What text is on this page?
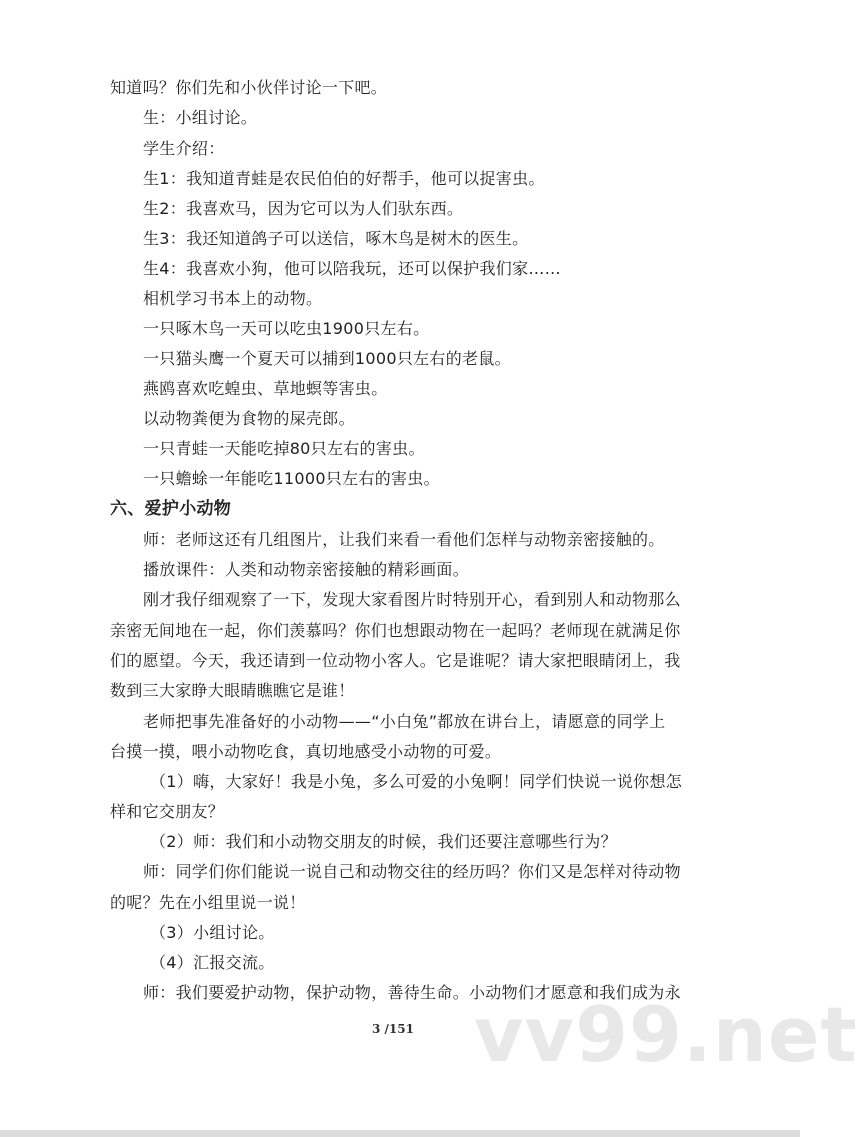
知道吗？你们先和小伙伴讨论一下吧。
生：小组讨论。
学生介绍：
生1：我知道青蛙是农民伯伯的好帮手，他可以捉害虫。
生2：我喜欢马，因为它可以为人们驮东西。
生3：我还知道鸽子可以送信，啄木鸟是树木的医生。
生4：我喜欢小狗，他可以陪我玩，还可以保护我们家……
相机学习书本上的动物。
一只啄木鸟一天可以吃虫1900只左右。
一只猫头鹰一个夏天可以捕到1000只左右的老鼠。
燕鸥喜欢吃蝗虫、草地螟等害虫。
以动物粪便为食物的屎壳郎。
一只青蛙一天能吃掉80只左右的害虫。
一只蟾蜍一年能吃11000只左右的害虫。
六、爱护小动物
师：老师这还有几组图片，让我们来看一看他们怎样与动物亲密接触的。
播放课件：人类和动物亲密接触的精彩画面。
刚才我仔细观察了一下，发现大家看图片时特别开心，看到别人和动物那么
亲密无间地在一起，你们羡慕吗？你们也想跟动物在一起吗？老师现在就满足你
们的愿望。今天，我还请到一位动物小客人。它是谁呢？请大家把眼睛闭上，我
数到三大家睁大眼睛瞧瞧它是谁！
老师把事先准备好的小动物——“小白兔”都放在讲台上，请愿意的同学上
台摸一摸，喂小动物吃食，真切地感受小动物的可爱。
（1）嗨，大家好！我是小兔，多么可爱的小兔啊！同学们快说一说你想怎
样和它交朋友？
（2）师：我们和小动物交朋友的时候，我们还要注意哪些行为？
师：同学们你们能说一说自己和动物交往的经历吗？你们又是怎样对待动物
的呢？先在小组里说一说！
（3）小组讨论。
（4）汇报交流。
师：我们要爱护动物，保护动物，善待生命。小动物们才愿意和我们成为永
vv99.net
3 /151
